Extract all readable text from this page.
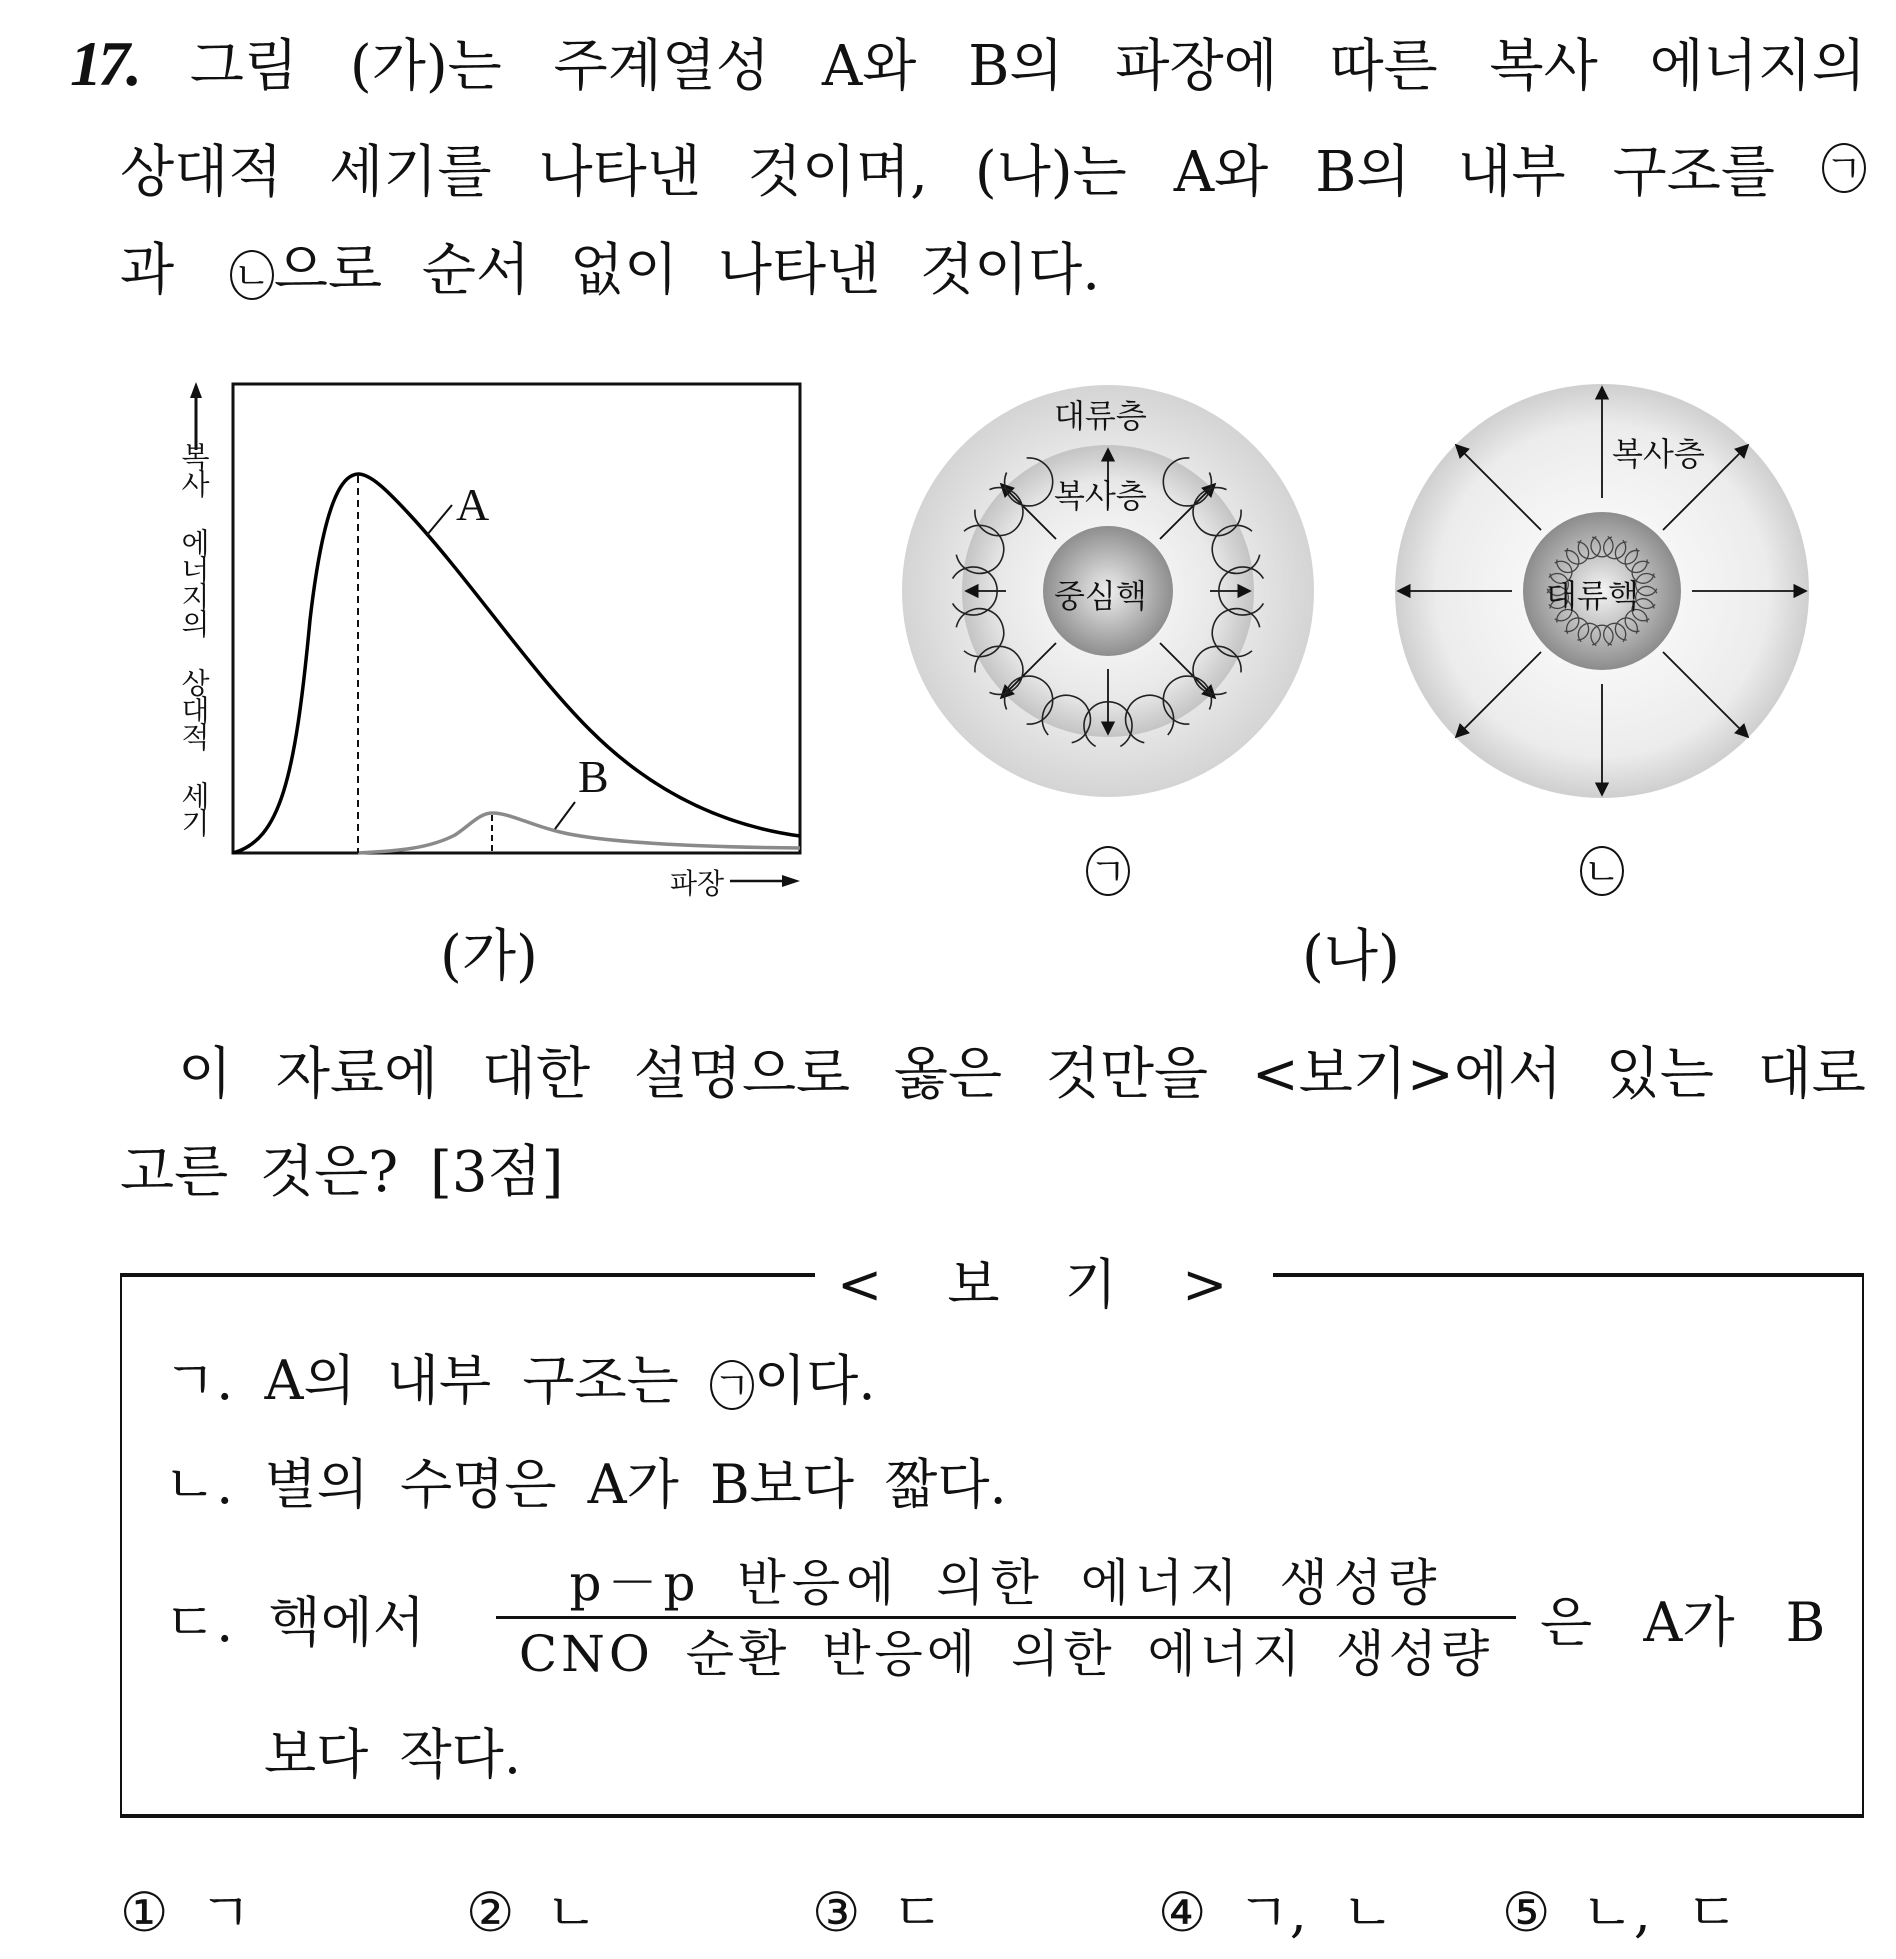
17. 그림 (가)는 주계열성 A와 B의 파장에 따른 복사 에너지의
상대적 세기를 나타낸 것이며, (나)는 A와 B의 내부 구조를 ㄱ
과 ㄴ으로 순서 없이 나타낸 것이다.
A
B
복사 에너지의 상대적 세기
파장
(가)
대류층
복사층
중심핵
ㄱ
복사층
대류핵
ㄴ
(나)
이 자료에 대한 설명으로 옳은 것만을 <보기>에서 있는 대로
고른 것은? [3점]
< 보 기 >
ㄱ. A의 내부 구조는 ㄱ이다.
ㄴ. 별의 수명은 A가 B보다 짧다.
ㄷ. 핵에서
p－p 반응에 의한 에너지 생성량
CNO 순환 반응에 의한 에너지 생성량 은 A가 B
보다 작다.
① ㄱ	② ㄴ	③ ㄷ	④ ㄱ, ㄴ ⑤ ㄴ, ㄷ
